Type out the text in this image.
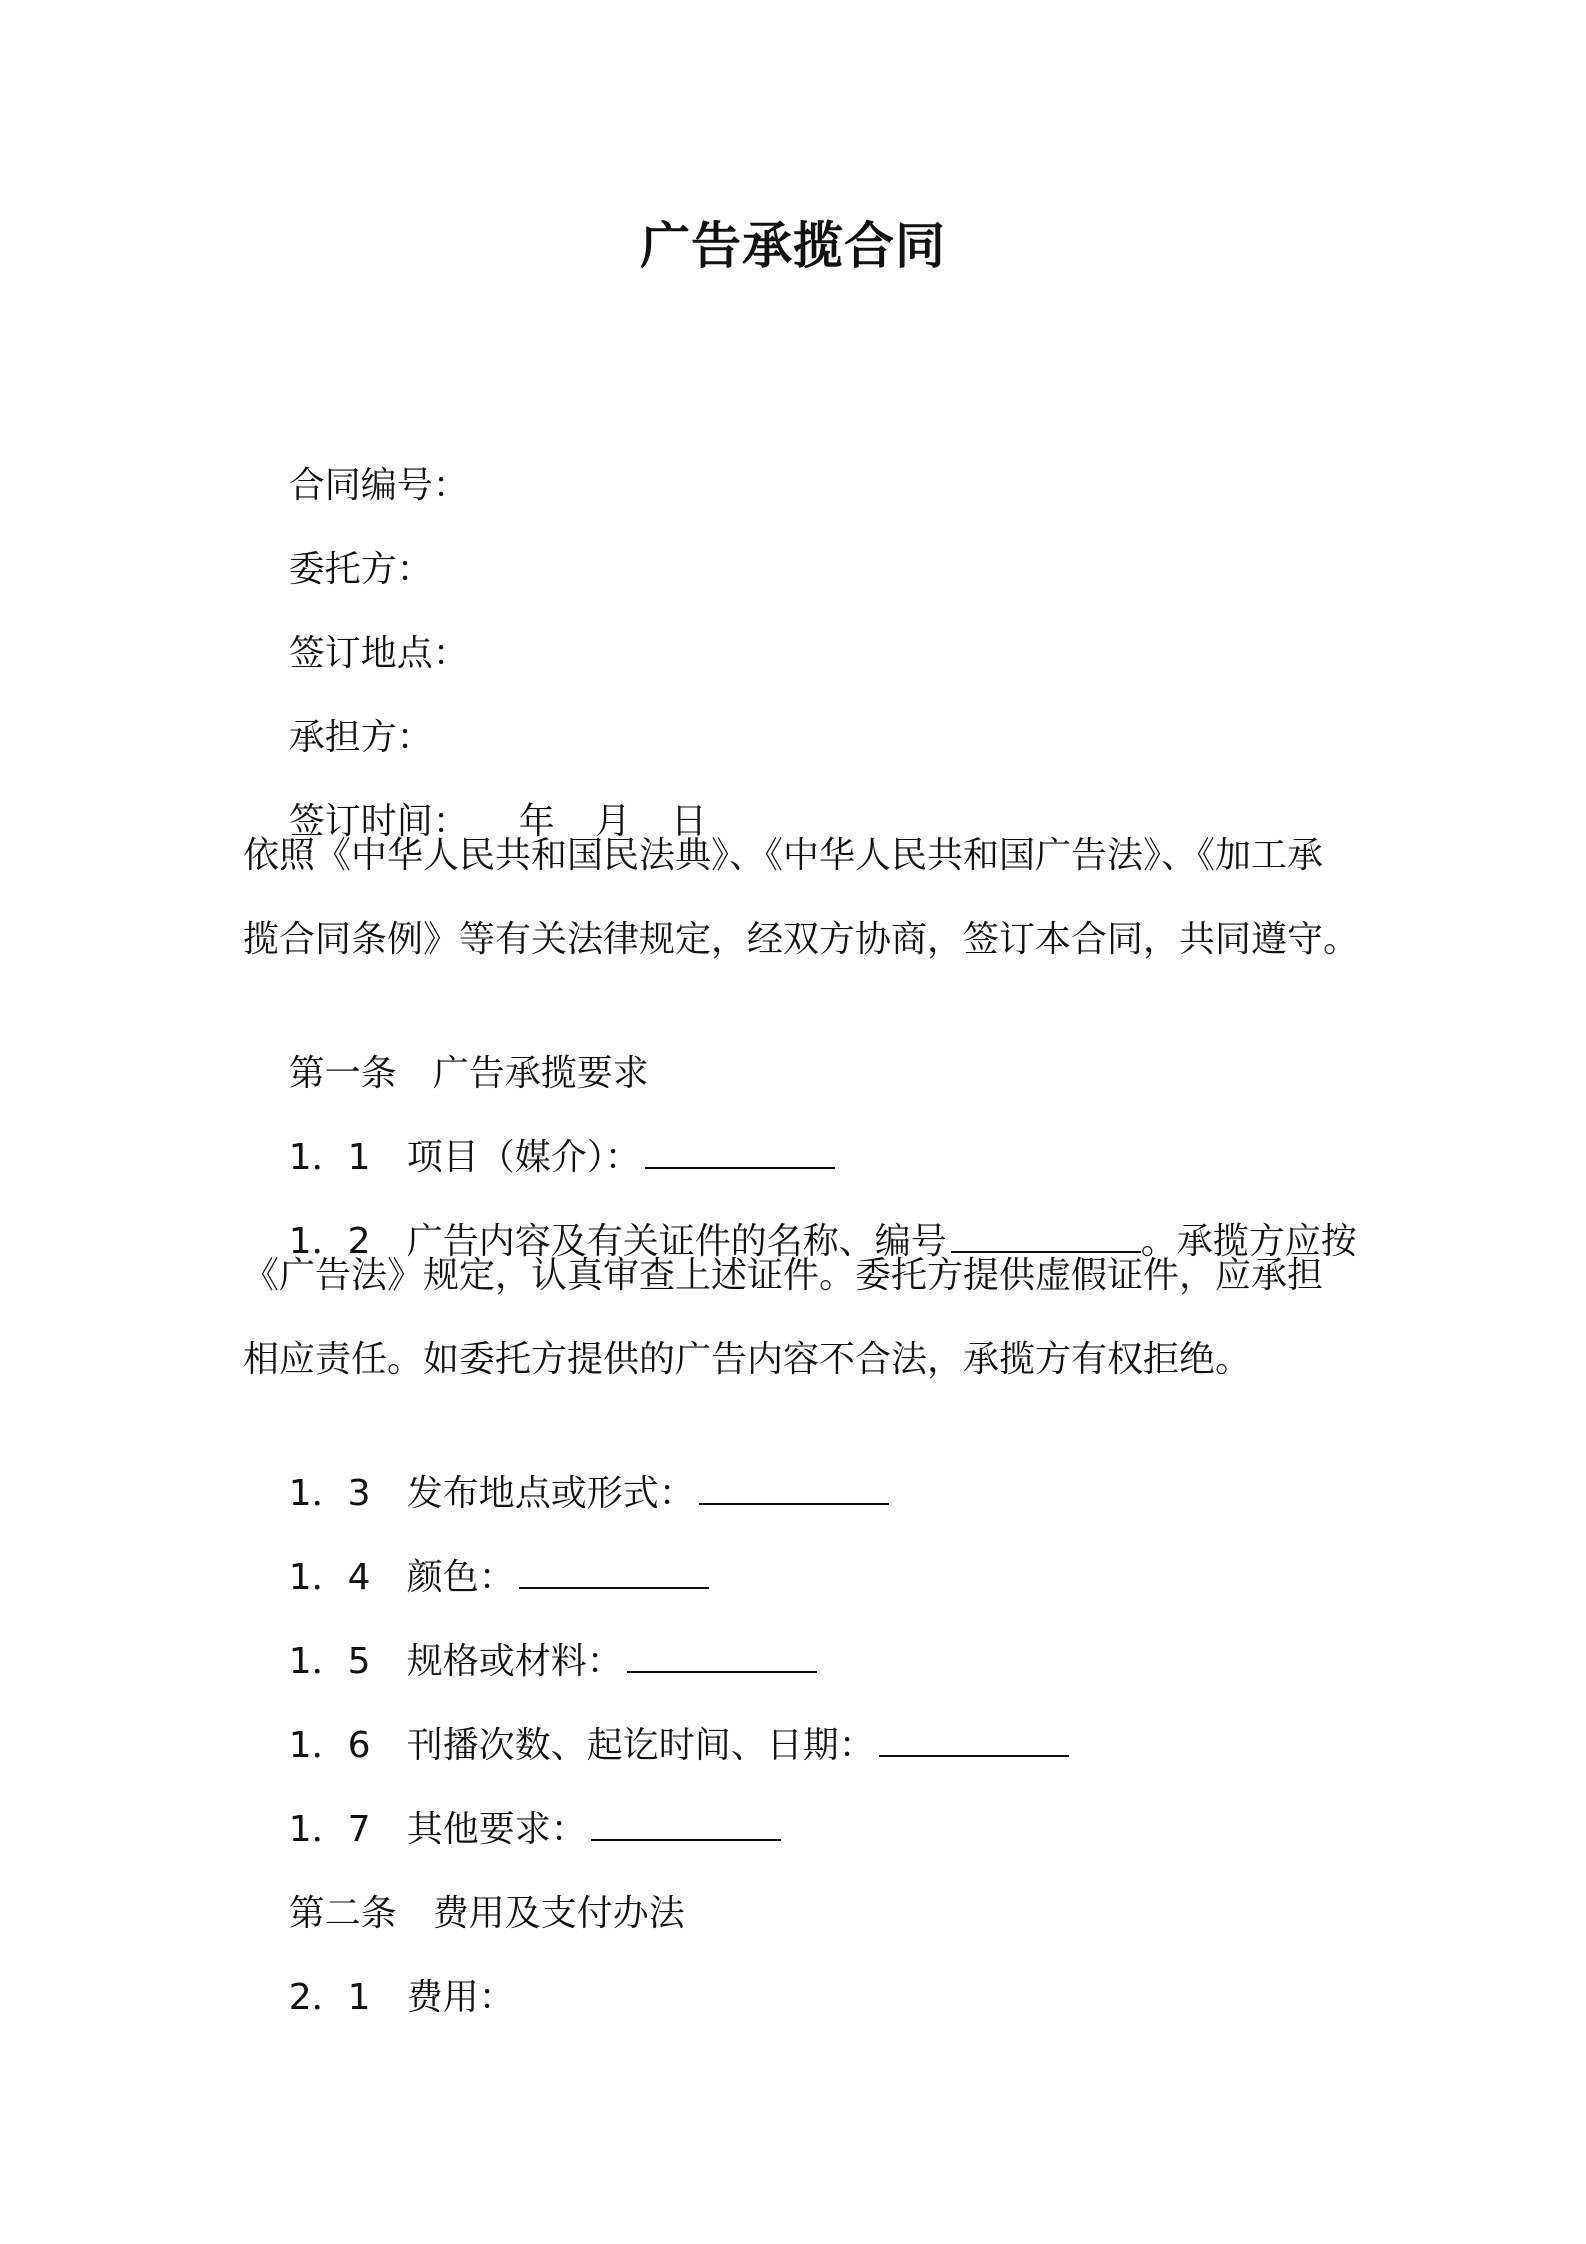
广告承揽合同

合同编号：

委托方：

签订地点：

承担方：

签订时间： 年 月 日

依照《中华人民共和国民法典》、《中华人民共和国广告法》、《加工承
揽合同条例》等有关法律规定，经双方协商，签订本合同，共同遵守。

第一条 广告承揽要求

1．1 项目（媒介）：

1．2 广告内容及有关证件的名称、编号	。承揽方应按

《广告法》规定，认真审查上述证件。委托方提供虚假证件，应承担
相应责任。如委托方提供的广告内容不合法，承揽方有权拒绝。

1．3 发布地点或形式：

1．4 颜色：

1．5 规格或材料：

1．6 刊播次数、起讫时间、日期：

1．7 其他要求：

第二条 费用及支付办法

2．1 费用：
